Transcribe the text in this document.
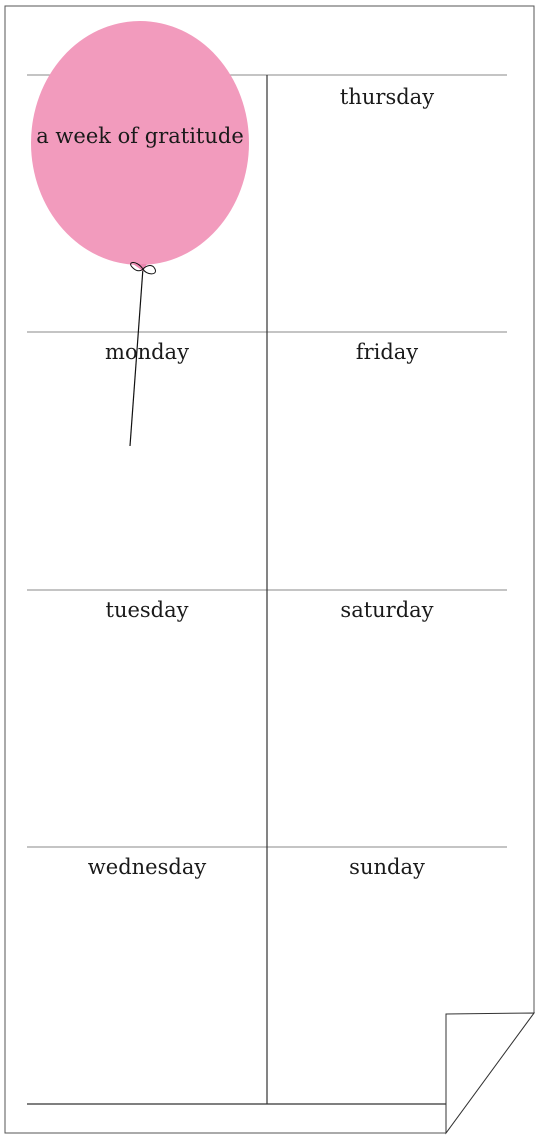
a week of gratitude
monday
tuesday
wednesday
thursday
friday
saturday
sunday
